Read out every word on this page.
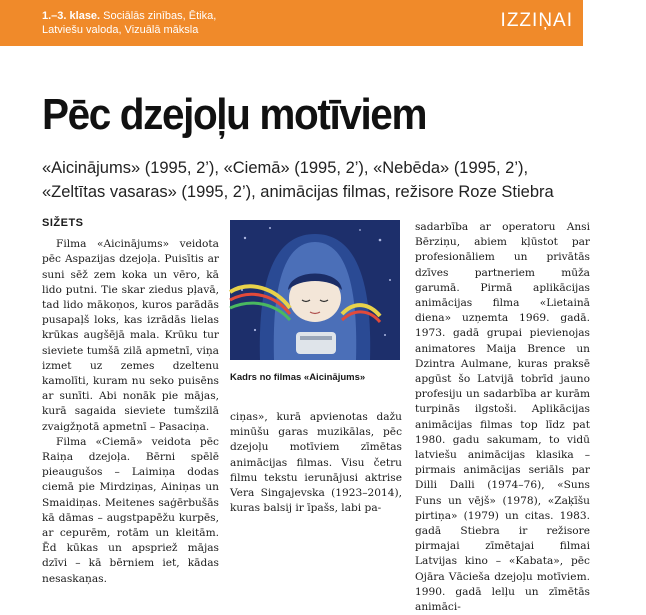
1.–3. klase. Sociālās zinības, Ētika,
Latviešu valoda, Vizuālā māksla	IZZIŅAI
Pēc dzejoļu motīviem
«Aicinājums» (1995, 2’), «Ciemā» (1995, 2’), «Nebēda» (1995, 2’),
«Zeltītas vasaras» (1995, 2’), animācijas filmas, režisore Roze Stiebra
SIŽETS

Filma «Aicinājums» veidota pēc Aspazijas dzejoļa. Puisītis ar suni sēž zem koka un vēro, kā lido putni. Tie skar ziedus pļavā, tad lido mākoņos, kuros parādās pusapaļš loks, kas izrādās lielas krūkas augšējā mala. Krūku tur sieviete tumšā zilā apmetnī, viņa izmet uz zemes dzeltenu kamolīti, kuram nu seko puisēns ar sunīti. Abi nonāk pie mājas, kurā sagaida sieviete tumšzilā zvaigžņotā apmetnī – Pasaciņa.

Filma «Ciemā» veidota pēc Raiņa dzejoļa. Bērni spēlē pieaugušos – Laimiņa dodas ciemā pie Mirdziņas, Ainiņas un Smaidiņas. Meitenes saģērbušās kā dāmas – augstpapēžu kurpēs, ar cepurēm, rotām un kleitām. Ēd kūkas un apspriež mājas dzīvi – kā bērniem iet, kādas nesaskaņas.

Kadrs no filmas «Aicinājums»

ciņas», kurā apvienotas dažu minūšu garas muzikālas, pēc dzejoļu motīviem zīmētas animācijas filmas. Visu četru filmu tekstu ierunājusi aktrise Vera Singajevska (1923–2014), kuras balsij ir īpašs, labi pa-

sadarbība ar operatoru Ansi Bērziņu, abiem kļūstot par profesionāliem un privātās dzīves partneriem mūža garumā. Pirmā aplikācijas animācijas filma «Lietainā diena» uzņemta 1969. gadā. 1973. gadā grupai pievienojas animatores Maija Brence un Dzintra Aulmane, kuras praksē apgūst šo Latvijā tobrīd jauno profesiju un sadarbība ar kurām turpinās ilgstoši. Aplikācijas animācijas filmas top līdz pat 1980. gadu sakumam, to vidū latviešu animācijas klasika – pirmais animācijas seriāls par Dilli Dalli (1974–76), «Suns Funs un vējš» (1978), «Zaķīšu pirtiņa» (1979) un citas. 1983. gadā Stiebra ir režisore pirmajai zīmētajai filmai Latvijas kino – «Kabata», pēc Ojāra Vācieša dzejoļu motīviem. 1990. gadā lelļu un zīmētās animāci-
